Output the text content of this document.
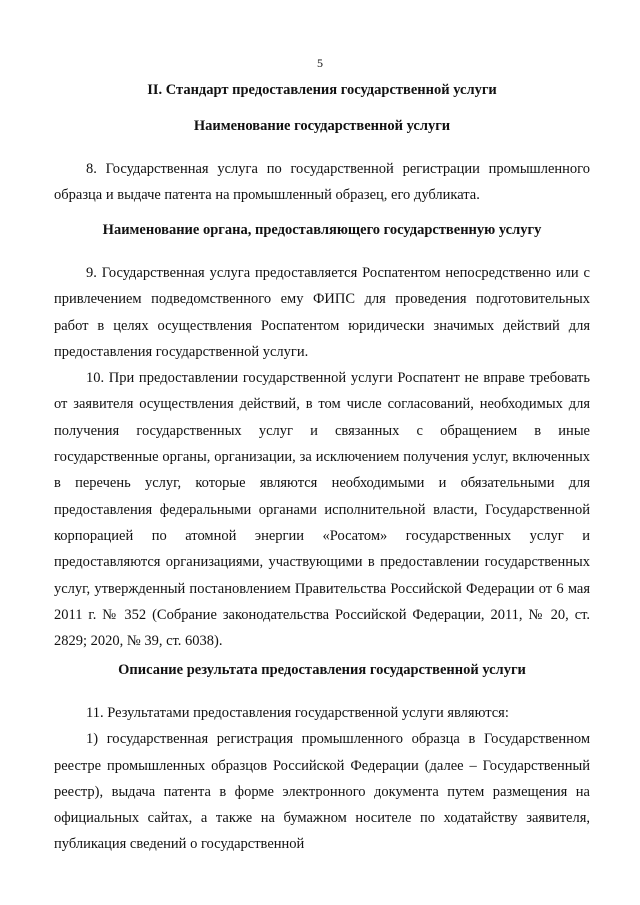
5
II. Стандарт предоставления государственной услуги
Наименование государственной услуги

8. Государственная услуга по государственной регистрации промышленного образца и выдаче патента на промышленный образец, его дубликата.

Наименование органа, предоставляющего государственную услугу

9. Государственная услуга предоставляется Роспатентом непосредственно или с привлечением подведомственного ему ФИПС для проведения подготовительных работ в целях осуществления Роспатентом юридически значимых действий для предоставления государственной услуги.

10. При предоставлении государственной услуги Роспатент не вправе требовать от заявителя осуществления действий, в том числе согласований, необходимых для получения государственных услуг и связанных с обращением в иные государственные органы, организации, за исключением получения услуг, включенных в перечень услуг, которые являются необходимыми и обязательными для предоставления федеральными органами исполнительной власти, Государственной корпорацией по атомной энергии «Росатом» государственных услуг и предоставляются организациями, участвующими в предоставлении государственных услуг, утвержденный постановлением Правительства Российской Федерации от 6 мая 2011 г. № 352 (Собрание законодательства Российской Федерации, 2011, № 20, ст. 2829; 2020, № 39, ст. 6038).

Описание результата предоставления государственной услуги

11. Результатами предоставления государственной услуги являются:

1) государственная регистрация промышленного образца в Государственном реестре промышленных образцов Российской Федерации (далее – Государственный реестр), выдача патента в форме электронного документа путем размещения на официальных сайтах, а также на бумажном носителе по ходатайству заявителя, публикация сведений о государственной
